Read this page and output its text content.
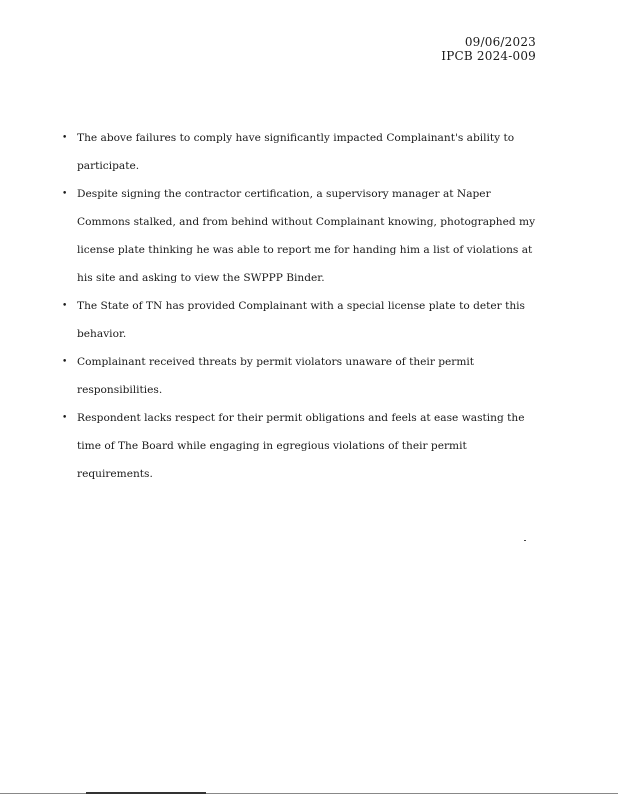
09/06/2023
IPCB 2024-009
• The above failures to comply have significantly impacted Complainant's ability to participate.
• Despite signing the contractor certification, a supervisory manager at Naper Commons stalked, and from behind without Complainant knowing, photographed my license plate thinking he was able to report me for handing him a list of violations at his site and asking to view the SWPPP Binder.
• The State of TN has provided Complainant with a special license plate to deter this behavior.
• Complainant received threats by permit violators unaware of their permit responsibilities.
• Respondent lacks respect for their permit obligations and feels at ease wasting the time of The Board while engaging in egregious violations of their permit requirements.
